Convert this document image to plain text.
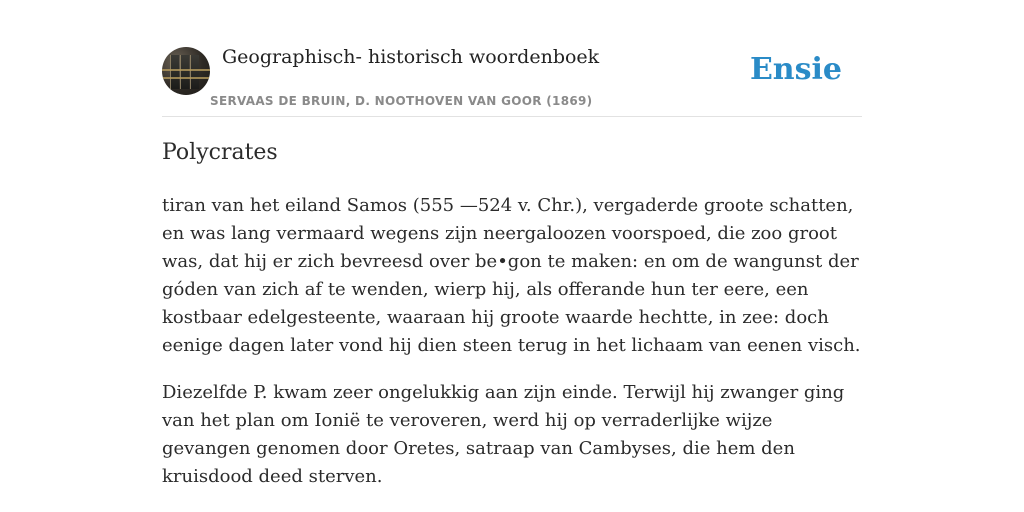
Geographisch- historisch woordenboek
SERVAAS DE BRUIN, D. NOOTHOVEN VAN GOOR (1869)
Ensie
Polycrates

tiran van het eiland Samos (555 —524 v. Chr.), vergaderde groote schatten, en was lang vermaard wegens zijn neergaloozen voorspoed, die zoo groot was, dat hij er zich bevreesd over be•gon te maken: en om de wangunst der góden van zich af te wenden, wierp hij, als offerande hun ter eere, een kostbaar edelgesteente, waaraan hij groote waarde hechtte, in zee: doch eenige dagen later vond hij dien steen terug in het lichaam van eenen visch.

Diezelfde P. kwam zeer ongelukkig aan zijn einde. Terwijl hij zwanger ging van het plan om Ionië te veroveren, werd hij op verraderlijke wijze gevangen genomen door Oretes, satraap van Cambyses, die hem den kruisdood deed sterven.
